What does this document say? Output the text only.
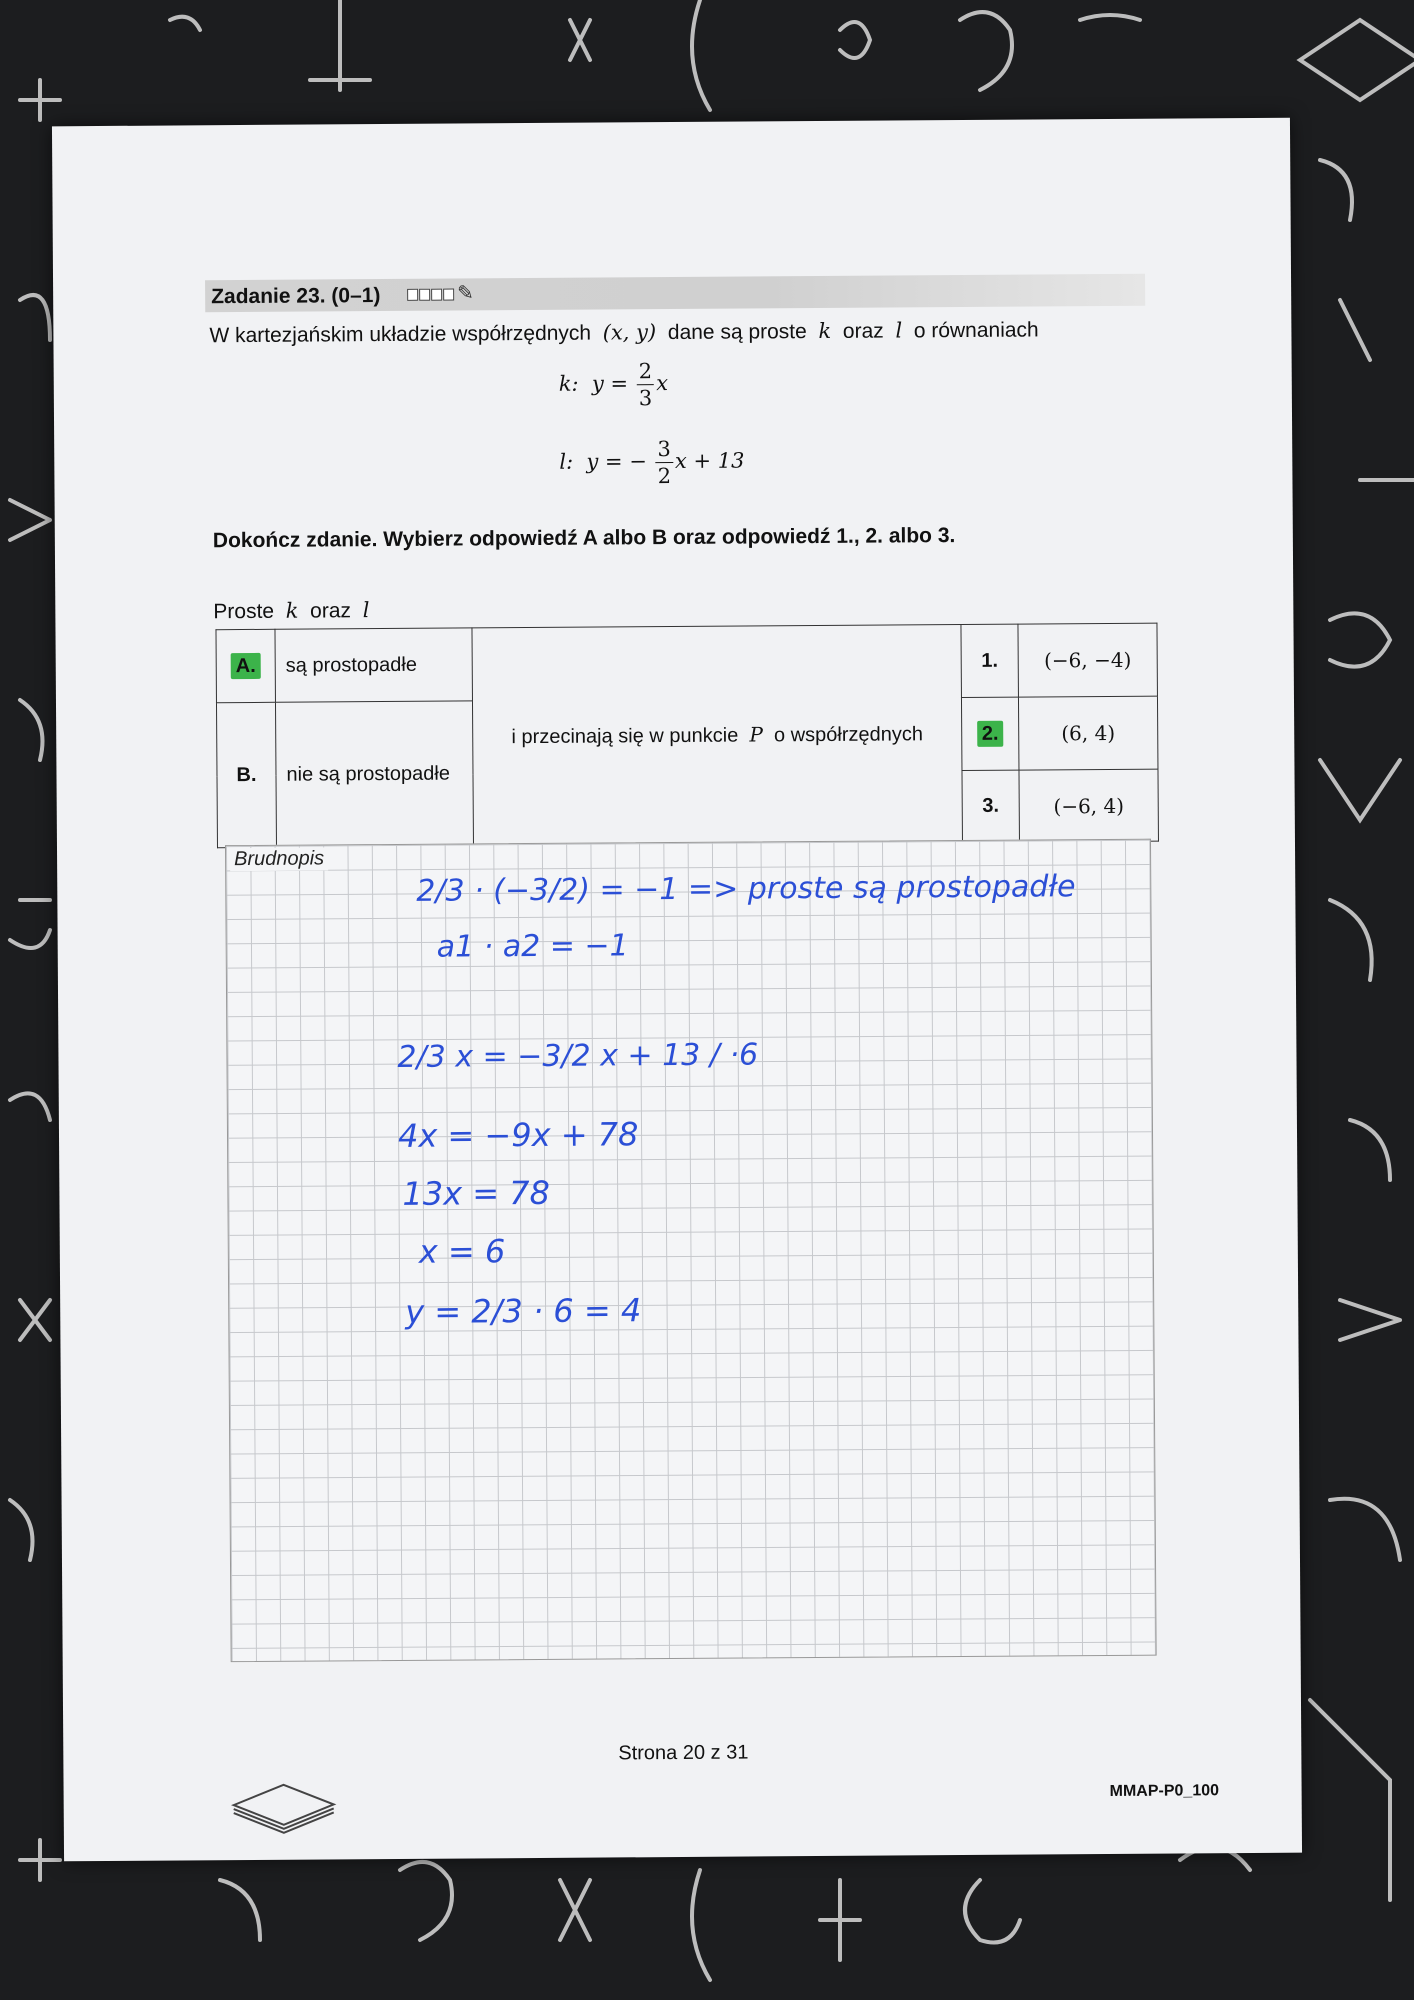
Zadanie 23. (0–1)	✎
W kartezjańskim układzie współrzędnych (x, y) dane są proste k oraz l o równaniach
k: $y = \frac{2}{3}$ x
l: y = − $\frac{3}{2}$ x + 13
Dokończ zdanie. Wybierz odpowiedź A albo B oraz odpowiedź 1., 2. albo 3.
Proste k oraz l
A.	są prostopadłe	i przecinają się w punkcie P o współrzędnych	1.	(−6, −4)
B.	nie są prostopadłe		2.	(6, 4)
			3.	(−6, 4)
Brudnopis
2/3 · (−3/2) = −1 => proste są prostopadłe
a1 · a2 = −1
2/3 x = −3/2 x + 13 / ·6
4x = −9x + 78
13x = 78
x = 6
y = 2/3 · 6 = 4
Strona 20 z 31
MMAP-P0_100
